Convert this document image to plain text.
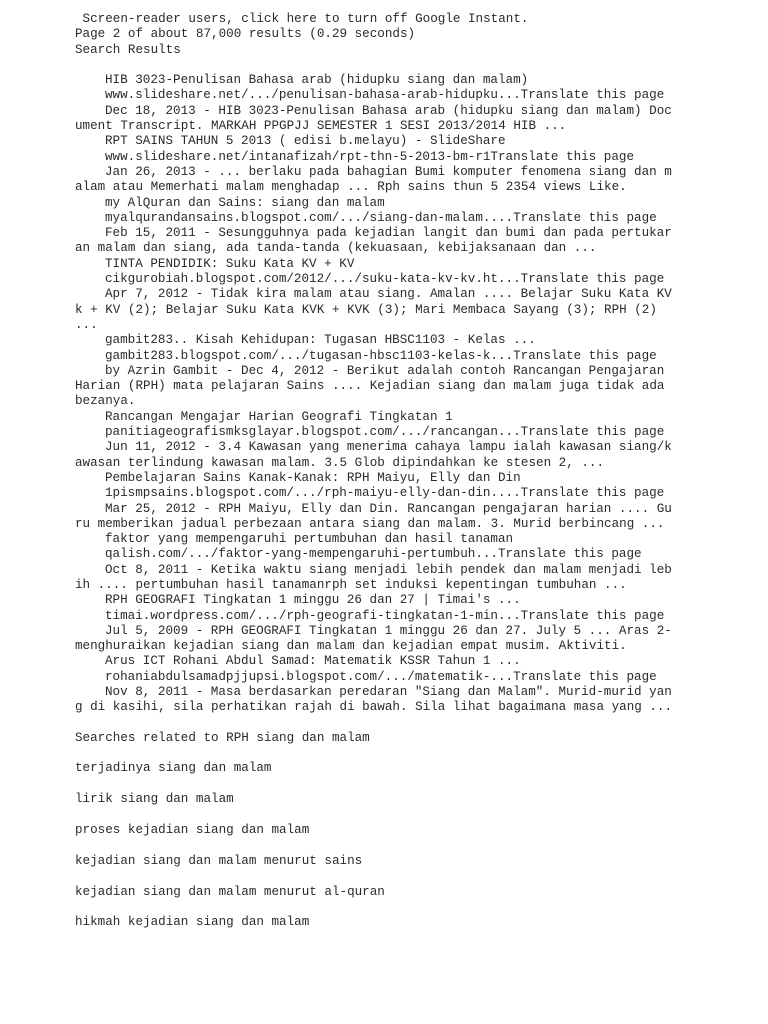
Screen-reader users, click here to turn off Google Instant.
Page 2 of about 87,000 results (0.29 seconds)
Search Results
HIB 3023-Penulisan Bahasa arab (hidupku siang dan malam)
www.slideshare.net/.../penulisan-bahasa-arab-hidupku...Translate this page
Dec 18, 2013 - HIB 3023-Penulisan Bahasa arab (hidupku siang dan malam) Document Transcript. MARKAH PPGPJJ SEMESTER 1 SESI 2013/2014 HIB ...
RPT SAINS TAHUN 5 2013 ( edisi b.melayu) - SlideShare
www.slideshare.net/intanafizah/rpt-thn-5-2013-bm-r1Translate this page
Jan 26, 2013 - ... berlaku pada bahagian Bumi komputer fenomena siang dan malam atau Memerhati malam menghadap ... Rph sains thun 5 2354 views Like.
my AlQuran dan Sains: siang dan malam
myalqurandansains.blogspot.com/.../siang-dan-malam....Translate this page
Feb 15, 2011 - Sesungguhnya pada kejadian langit dan bumi dan pada pertukaran malam dan siang, ada tanda-tanda (kekuasaan, kebijaksanaan dan ...
TINTA PENDIDIK: Suku Kata KV + KV
cikgurobiah.blogspot.com/2012/.../suku-kata-kv-kv.ht...Translate this page
Apr 7, 2012 - Tidak kira malam atau siang. Amalan .... Belajar Suku Kata KVk + KV (2); Belajar Suku Kata KVK + KVK (3); Mari Membaca Sayang (3); RPH (2) ...
gambit283.. Kisah Kehidupan: Tugasan HBSC1103 - Kelas ...
gambit283.blogspot.com/.../tugasan-hbsc1103-kelas-k...Translate this page
by Azrin Gambit - Dec 4, 2012 - Berikut adalah contoh Rancangan Pengajaran Harian (RPH) mata pelajaran Sains .... Kejadian siang dan malam juga tidak ada bezanya.
Rancangan Mengajar Harian Geografi Tingkatan 1
panitiageografismksglayar.blogspot.com/.../rancangan...Translate this page
Jun 11, 2012 - 3.4 Kawasan yang menerima cahaya lampu ialah kawasan siang/kawasan terlindung kawasan malam. 3.5 Glob dipindahkan ke stesen 2, ...
Pembelajaran Sains Kanak-Kanak: RPH Maiyu, Elly dan Din
1pismpsains.blogspot.com/.../rph-maiyu-elly-dan-din....Translate this page
Mar 25, 2012 - RPH Maiyu, Elly dan Din. Rancangan pengajaran harian .... Guru memberikan jadual perbezaan antara siang dan malam. 3. Murid berbincang ...
faktor yang mempengaruhi pertumbuhan dan hasil tanaman
qalish.com/.../faktor-yang-mempengaruhi-pertumbuh...Translate this page
Oct 8, 2011 - Ketika waktu siang menjadi lebih pendek dan malam menjadi lebih .... pertumbuhan hasil tanamanrph set induksi kepentingan tumbuhan ...
RPH GEOGRAFI Tingkatan 1 minggu 26 dan 27 | Timai's ...
timai.wordpress.com/.../rph-geografi-tingkatan-1-min...Translate this page
Jul 5, 2009 - RPH GEOGRAFI Tingkatan 1 minggu 26 dan 27. July 5 ... Aras 2-menghuraikan kejadian siang dan malam dan kejadian empat musim. Aktiviti.
Arus ICT Rohani Abdul Samad: Matematik KSSR Tahun 1 ...
rohaniabdulsamadpjjupsi.blogspot.com/.../matematik-...Translate this page
Nov 8, 2011 - Masa berdasarkan peredaran "Siang dan Malam". Murid-murid yang di kasihi, sila perhatikan rajah di bawah. Sila lihat bagaimana masa yang ...
Searches related to RPH siang dan malam
terjadinya siang dan malam
lirik siang dan malam
proses kejadian siang dan malam
kejadian siang dan malam menurut sains
kejadian siang dan malam menurut al-quran
hikmah kejadian siang dan malam
